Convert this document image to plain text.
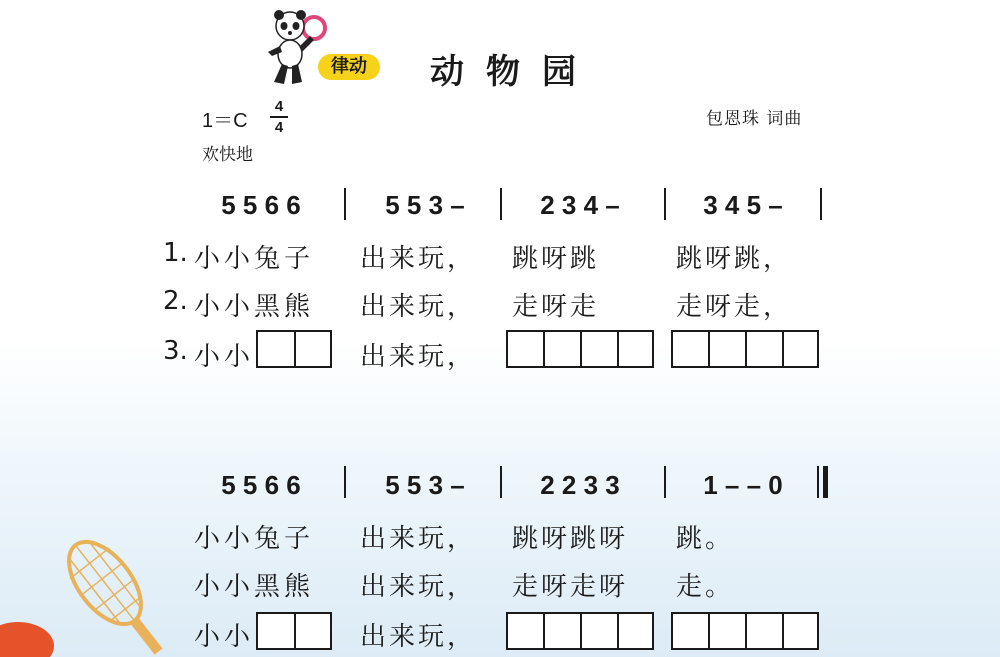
律动	动物园
1＝C
4
4
欢快地
包恩珠 词曲
5 5 6 6	5 5 3 –	2 3 4 –	3 4 5 –
1. 小小兔子 出来玩， 跳呀跳	跳呀跳，
2. 小小黑熊 出来玩， 走呀走	走呀走，
3. 小小	出来玩，
5 5 6 6	5 5 3 –	2 2 3 3	1 – – 0
小小兔子 出来玩， 跳呀跳呀 跳。
小小黑熊 出来玩， 走呀走呀 走。
小小	出来玩，
